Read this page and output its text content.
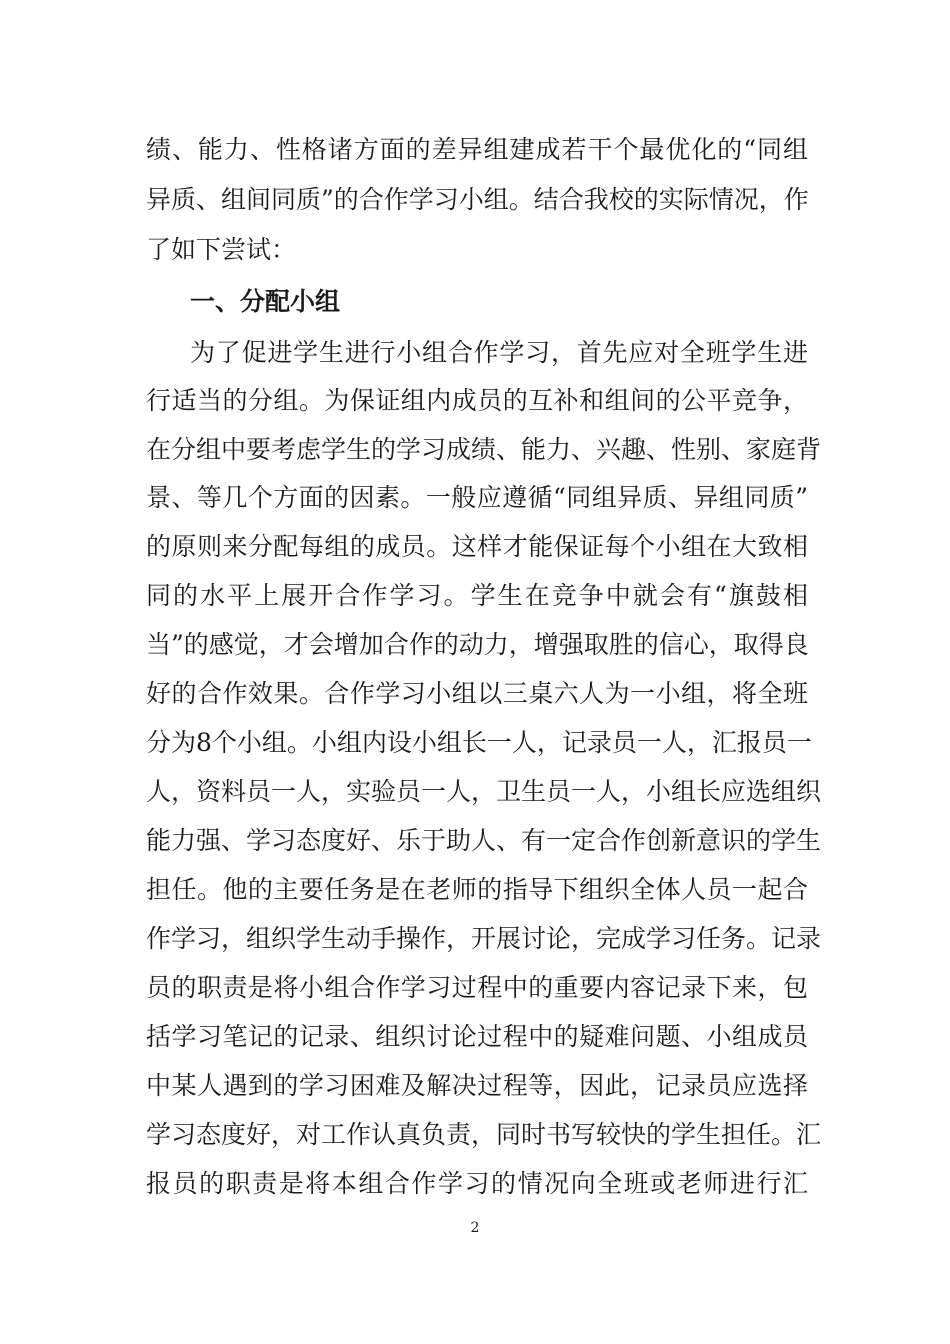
绩、能力、性格诸方面的差异组建成若干个最优化的“同组
异质、组间同质”的合作学习小组。结合我校的实际情况，作
了如下尝试：
一、分配小组
为了促进学生进行小组合作学习，首先应对全班学生进
行适当的分组。为保证组内成员的互补和组间的公平竞争，
在分组中要考虑学生的学习成绩、能力、兴趣、性别、家庭背
景、等几个方面的因素。一般应遵循“同组异质、异组同质”
的原则来分配每组的成员。这样才能保证每个小组在大致相
同的水平上展开合作学习。学生在竞争中就会有“旗鼓相
当”的感觉，才会增加合作的动力，增强取胜的信心，取得良
好的合作效果。合作学习小组以三桌六人为一小组，将全班
分为8个小组。小组内设小组长一人，记录员一人，汇报员一
人，资料员一人，实验员一人，卫生员一人，小组长应选组织
能力强、学习态度好、乐于助人、有一定合作创新意识的学生
担任。他的主要任务是在老师的指导下组织全体人员一起合
作学习，组织学生动手操作，开展讨论，完成学习任务。记录
员的职责是将小组合作学习过程中的重要内容记录下来，包
括学习笔记的记录、组织讨论过程中的疑难问题、小组成员
中某人遇到的学习困难及解决过程等，因此，记录员应选择
学习态度好，对工作认真负责，同时书写较快的学生担任。汇
报员的职责是将本组合作学习的情况向全班或老师进行汇
2
